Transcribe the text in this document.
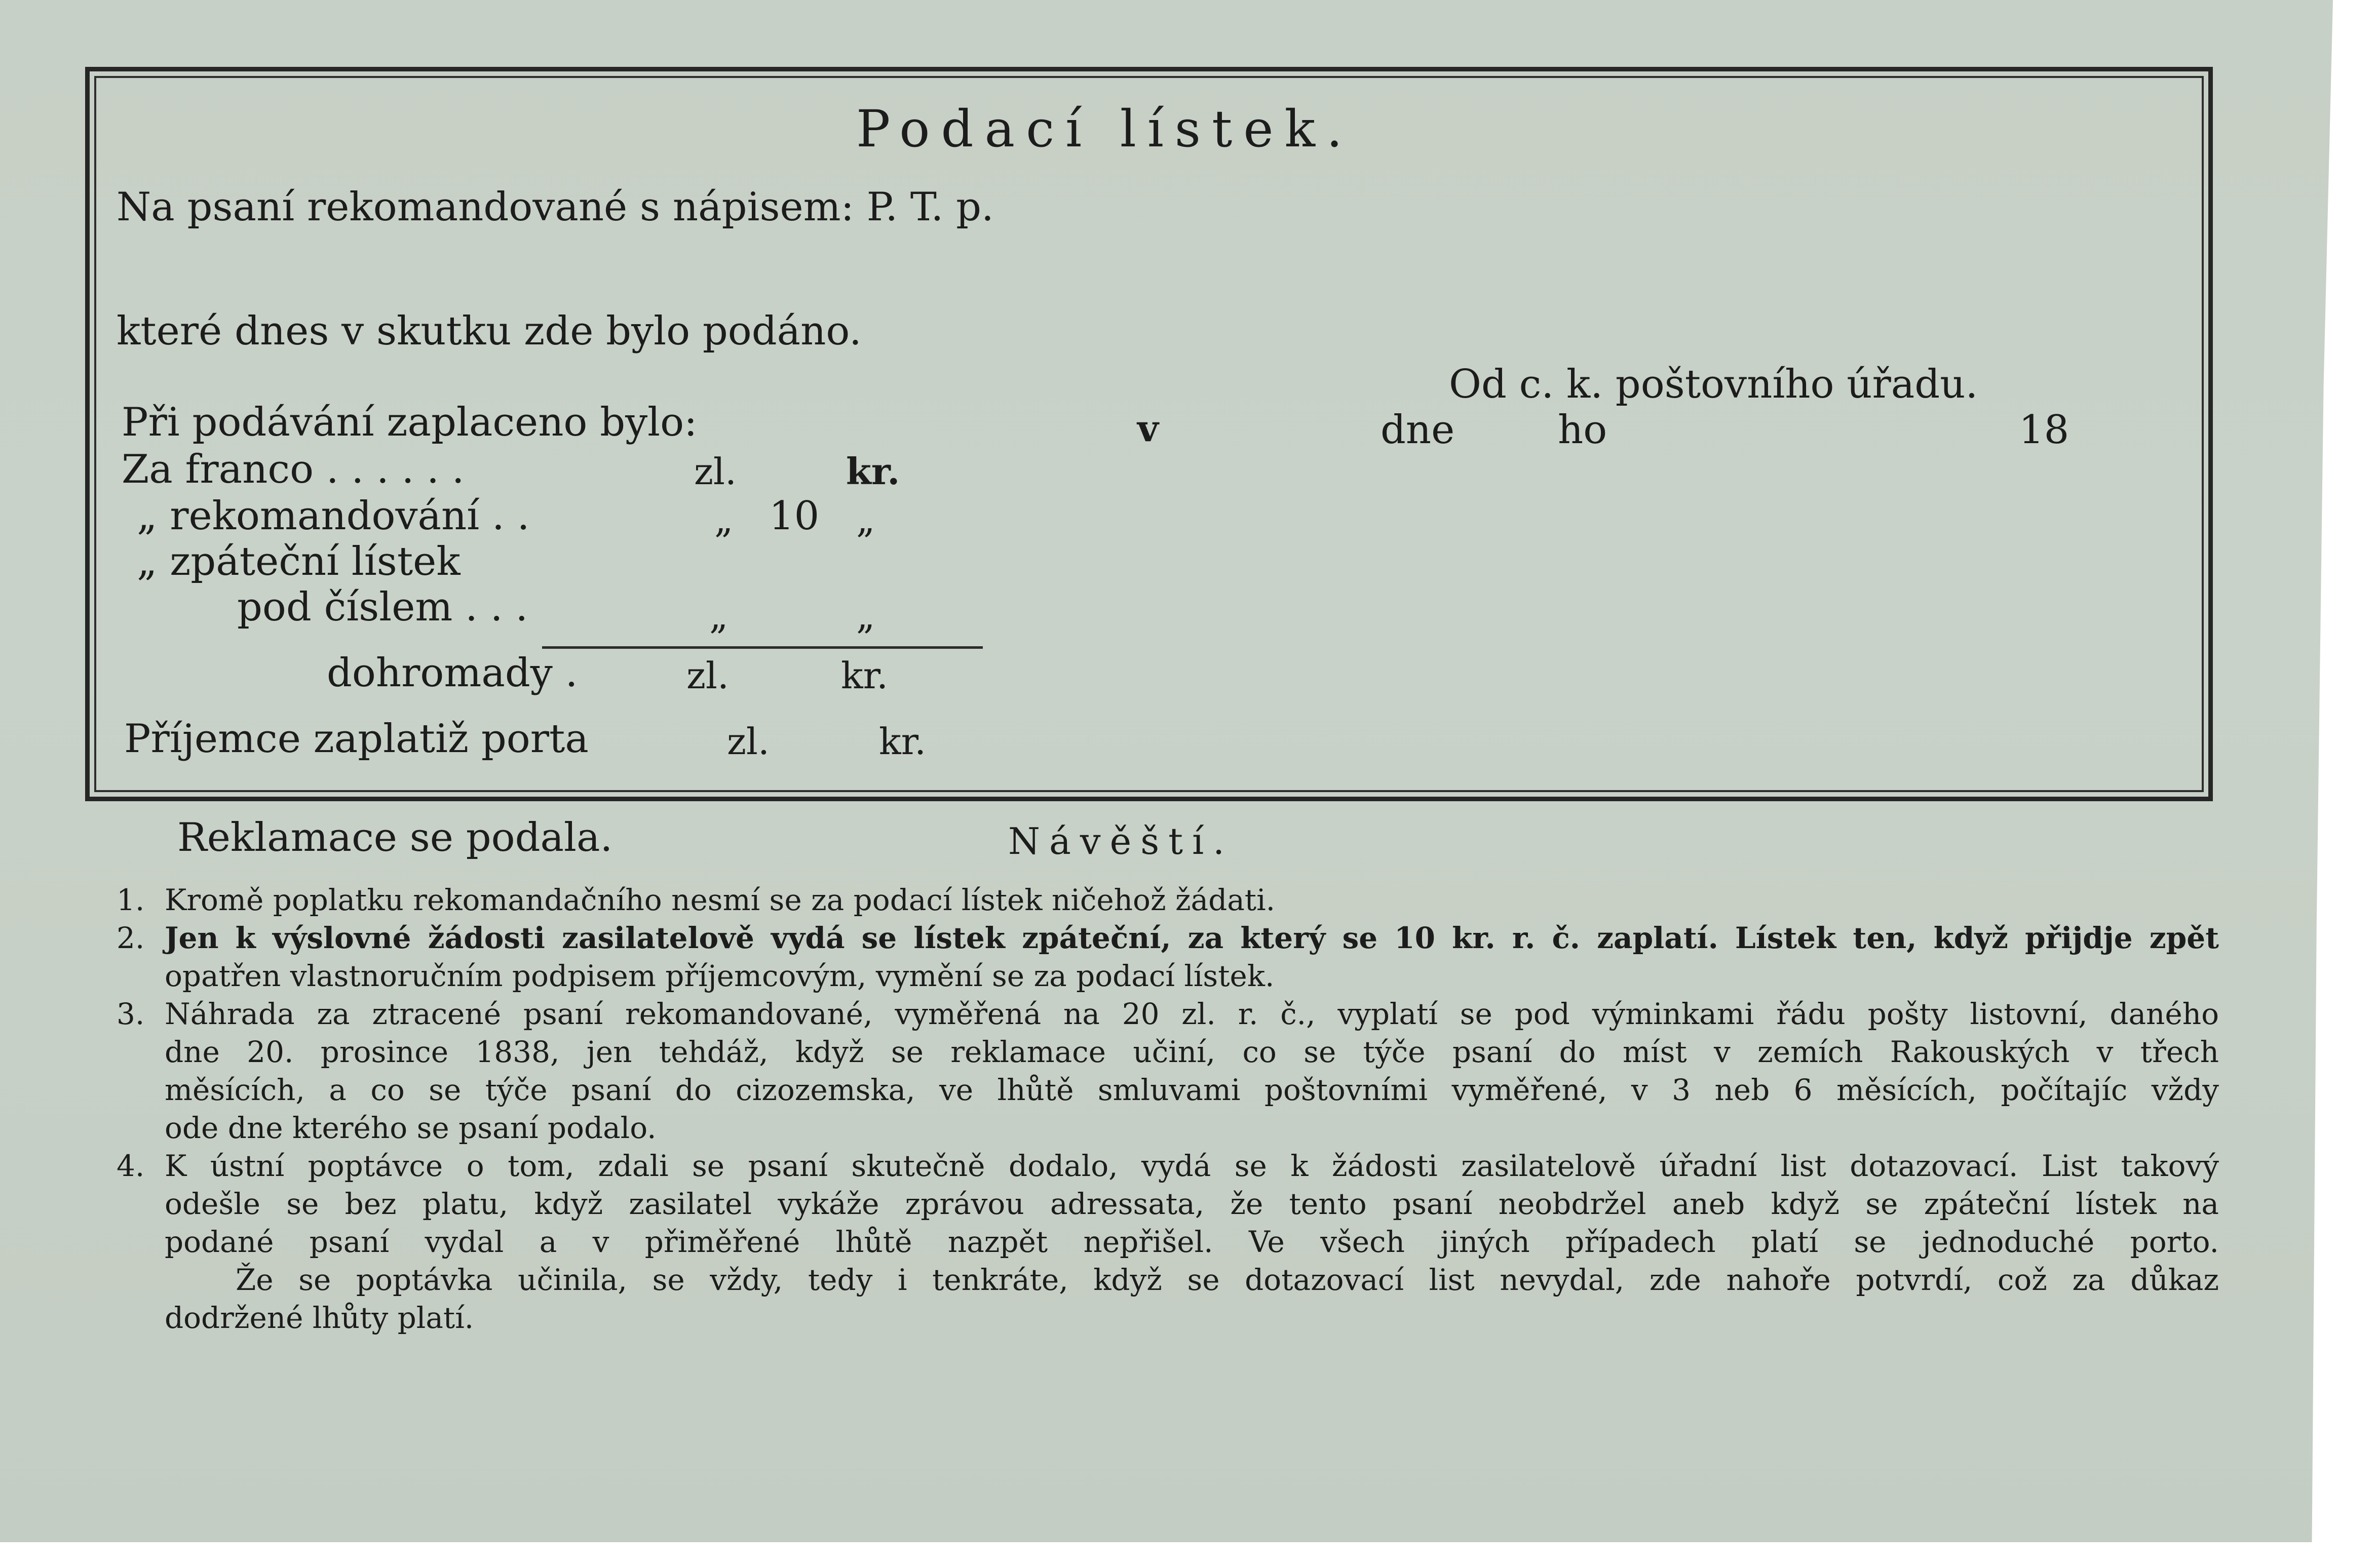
Podací lístek.
Na psaní rekomandované s nápisem: P. T. p.
které dnes v skutku zde bylo podáno.
Při podávání zaplaceno bylo:
Za franco . . . . . .	zl.	kr.
„ rekomandování . .	„ 10 „
„ zpáteční lístek
pod číslem . . .	„	„
dohromady .	zl.	kr.
Příjemce zaplatiž porta	zl.	kr.
Od c. k. poštovního úřadu.
v	dne	ho	18
Reklamace se podala.	Návěští.
1. Kromě poplatku rekomandačního nesmí se za podací lístek ničehož žádati.
2. Jen k výslovné žádosti zasilatelově vydá se lístek zpáteční, za který se 10 kr. r. č. zaplatí. Lístek ten, když přijdje zpět
opatřen vlastnoručním podpisem příjemcovým, vymění se za podací lístek.
3. Náhrada za ztracené psaní rekomandované, vyměřená na 20 zl. r. č., vyplatí se pod výminkami řádu pošty listovní, daného
dne 20. prosince 1838, jen tehdáž, když se reklamace učiní, co se týče psaní do míst v zemích Rakouských v třech
měsících, a co se týče psaní do cizozemska, ve lhůtě smluvami poštovními vyměřené, v 3 neb 6 měsících, počítajíc vždy
ode dne kterého se psaní podalo.
4. K ústní poptávce o tom, zdali se psaní skutečně dodalo, vydá se k žádosti zasilatelově úřadní list dotazovací. List takový
odešle se bez platu, když zasilatel vykáže zprávou adressata, že tento psaní neobdržel aneb když se zpáteční lístek na
podané psaní vydal a v přiměřené lhůtě nazpět nepřišel. Ve všech jiných případech platí se jednoduché porto.
Že se poptávka učinila, se vždy, tedy i tenkráte, když se dotazovací list nevydal, zde nahoře potvrdí, což za důkaz
dodržené lhůty platí.
